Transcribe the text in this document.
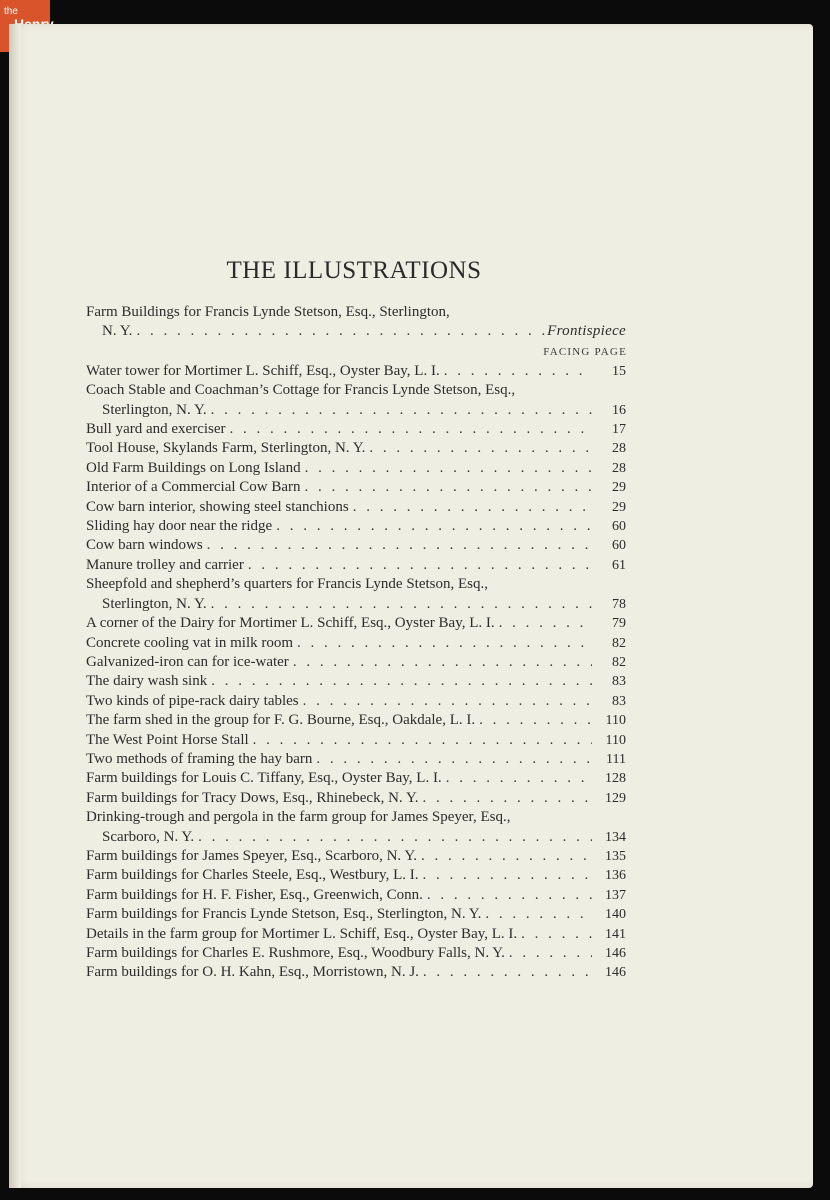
the
THE ILLUSTRATIONS
Farm Buildings for Francis Lynde Stetson, Esq., Sterlington,
N. Y. . . .	Frontispiece
FACING PAGE
Water tower for Mortimer L. Schiff, Esq., Oyster Bay, L. I. . . .	15
Coach Stable and Coachman’s Cottage for Francis Lynde Stetson, Esq.,
Sterlington, N. Y. . . .	16
Bull yard and exerciser . . .	17
Tool House, Skylands Farm, Sterlington, N. Y. . . .	28
Old Farm Buildings on Long Island . . .	28
Interior of a Commercial Cow Barn . . .	29
Cow barn interior, showing steel stanchions . . .	29
Sliding hay door near the ridge . . .	60
Cow barn windows . . .	60
Manure trolley and carrier . . .	61
Sheepfold and shepherd’s quarters for Francis Lynde Stetson, Esq.,
Sterlington, N. Y. . . .	78
A corner of the Dairy for Mortimer L. Schiff, Esq., Oyster Bay, L. I. . . .	79
Concrete cooling vat in milk room . . .	82
Galvanized-iron can for ice-water . . .	82
The dairy wash sink . . .	83
Two kinds of pipe-rack dairy tables . . .	83
The farm shed in the group for F. G. Bourne, Esq., Oakdale, L. I. . . .	110
The West Point Horse Stall . . .	110
Two methods of framing the hay barn . . .	111
Farm buildings for Louis C. Tiffany, Esq., Oyster Bay, L. I. . . .	128
Farm buildings for Tracy Dows, Esq., Rhinebeck, N. Y. . . .	129
Drinking-trough and pergola in the farm group for James Speyer, Esq.,
Scarboro, N. Y. . . .	134
Farm buildings for James Speyer, Esq., Scarboro, N. Y. . . .	135
Farm buildings for Charles Steele, Esq., Westbury, L. I. . . .	136
Farm buildings for H. F. Fisher, Esq., Greenwich, Conn. . . .	137
Farm buildings for Francis Lynde Stetson, Esq., Sterlington, N. Y. . . .	140
Details in the farm group for Mortimer L. Schiff, Esq., Oyster Bay, L. I. . . .	141
Farm buildings for Charles E. Rushmore, Esq., Woodbury Falls, N. Y. . . .	146
Farm buildings for O. H. Kahn, Esq., Morristown, N. J. . . .	146
